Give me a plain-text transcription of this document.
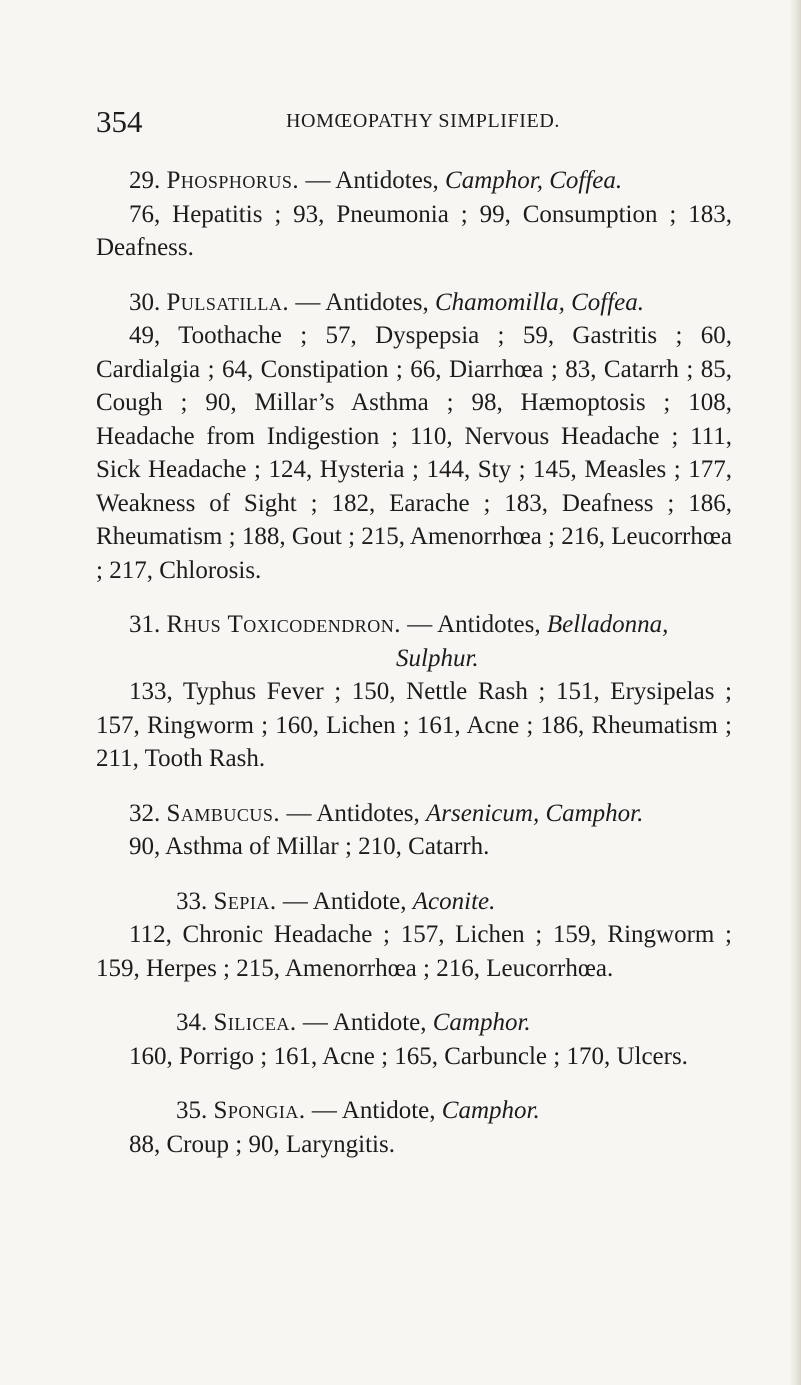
354	HOMŒOPATHY SIMPLIFIED.

29. Phosphorus. — Antidotes, Camphor, Coffea.

76, Hepatitis ; 93, Pneumonia ; 99, Consumption ; 183, Deafness.

30. Pulsatilla. — Antidotes, Chamomilla, Coffea.

49, Toothache ; 57, Dyspepsia ; 59, Gastritis ; 60, Cardialgia ; 64, Constipation ; 66, Diarrhœa ; 83, Catarrh ; 85, Cough ; 90, Millar’s Asthma ; 98, Hæmoptosis ; 108, Headache from Indigestion ; 110, Nervous Headache ; 111, Sick Headache ; 124, Hysteria ; 144, Sty ; 145, Measles ; 177, Weakness of Sight ; 182, Earache ; 183, Deafness ; 186, Rheumatism ; 188, Gout ; 215, Amenorrhœa ; 216, Leucorrhœa ; 217, Chlorosis.

31. Rhus Toxicodendron. — Antidotes, Belladonna,

Sulphur.

133, Typhus Fever ; 150, Nettle Rash ; 151, Erysipelas ; 157, Ringworm ; 160, Lichen ; 161, Acne ; 186, Rheumatism ; 211, Tooth Rash.

32. Sambucus. — Antidotes, Arsenicum, Camphor.

90, Asthma of Millar ; 210, Catarrh.

33. Sepia. — Antidote, Aconite.

112, Chronic Headache ; 157, Lichen ; 159, Ringworm ; 159, Herpes ; 215, Amenorrhœa ; 216, Leucorrhœa.

34. Silicea. — Antidote, Camphor.

160, Porrigo ; 161, Acne ; 165, Carbuncle ; 170, Ulcers.

35. Spongia. — Antidote, Camphor.

88, Croup ; 90, Laryngitis.
